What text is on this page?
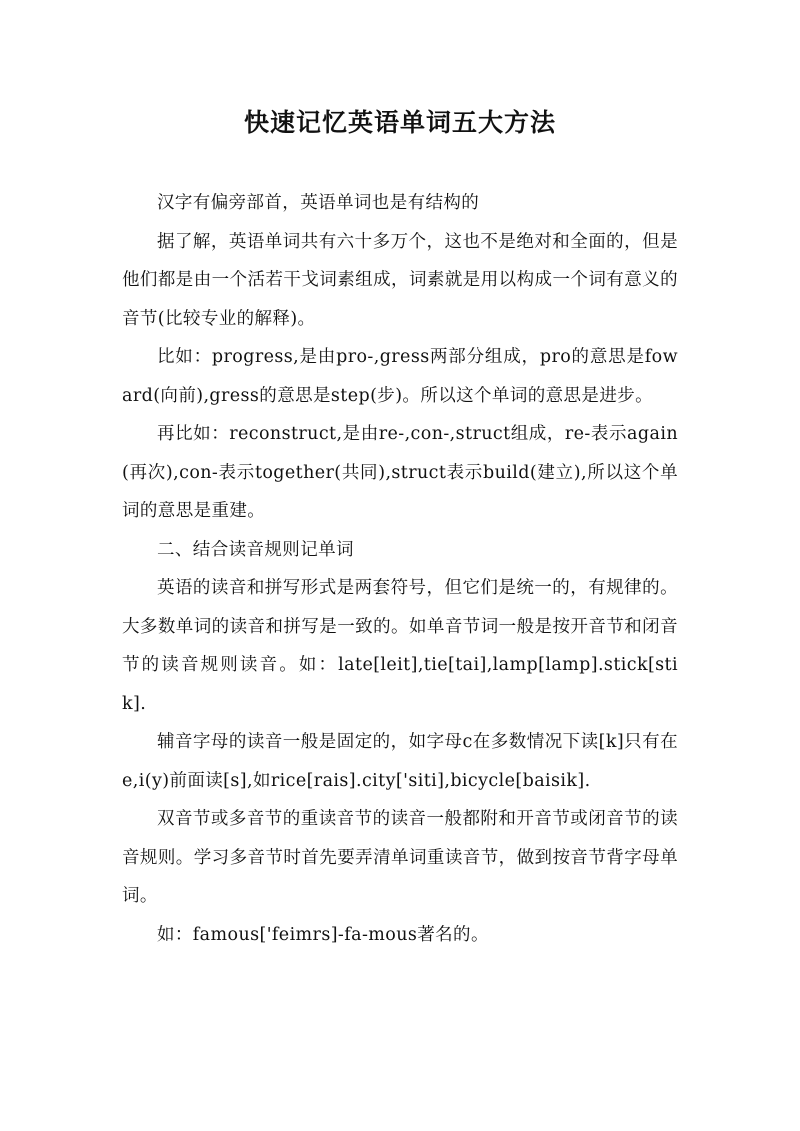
快速记忆英语单词五大方法

汉字有偏旁部首，英语单词也是有结构的

据了解，英语单词共有六十多万个，这也不是绝对和全面的，但是他们都是由一个活若干戈词素组成，词素就是用以构成一个词有意义的音节(比较专业的解释)。

比如：progress,是由pro-,gress两部分组成，pro的意思是foward(向前),gress的意思是step(步)。所以这个单词的意思是进步。

再比如：reconstruct,是由re-,con-,struct组成，re-表示again(再次),con-表示together(共同),struct表示build(建立),所以这个单词的意思是重建。

二、结合读音规则记单词

英语的读音和拼写形式是两套符号，但它们是统一的，有规律的。大多数单词的读音和拼写是一致的。如单音节词一般是按开音节和闭音节的读音规则读音。如：late[leit],tie[tai],lamp[lamp].stick[stik].

辅音字母的读音一般是固定的，如字母c在多数情况下读[k]只有在e,i(y)前面读[s],如rice[rais].city['siti],bicycle[baisik].

双音节或多音节的重读音节的读音一般都附和开音节或闭音节的读音规则。学习多音节时首先要弄清单词重读音节，做到按音节背字母单词。

如：famous['feimrs]-fa-mous著名的。
